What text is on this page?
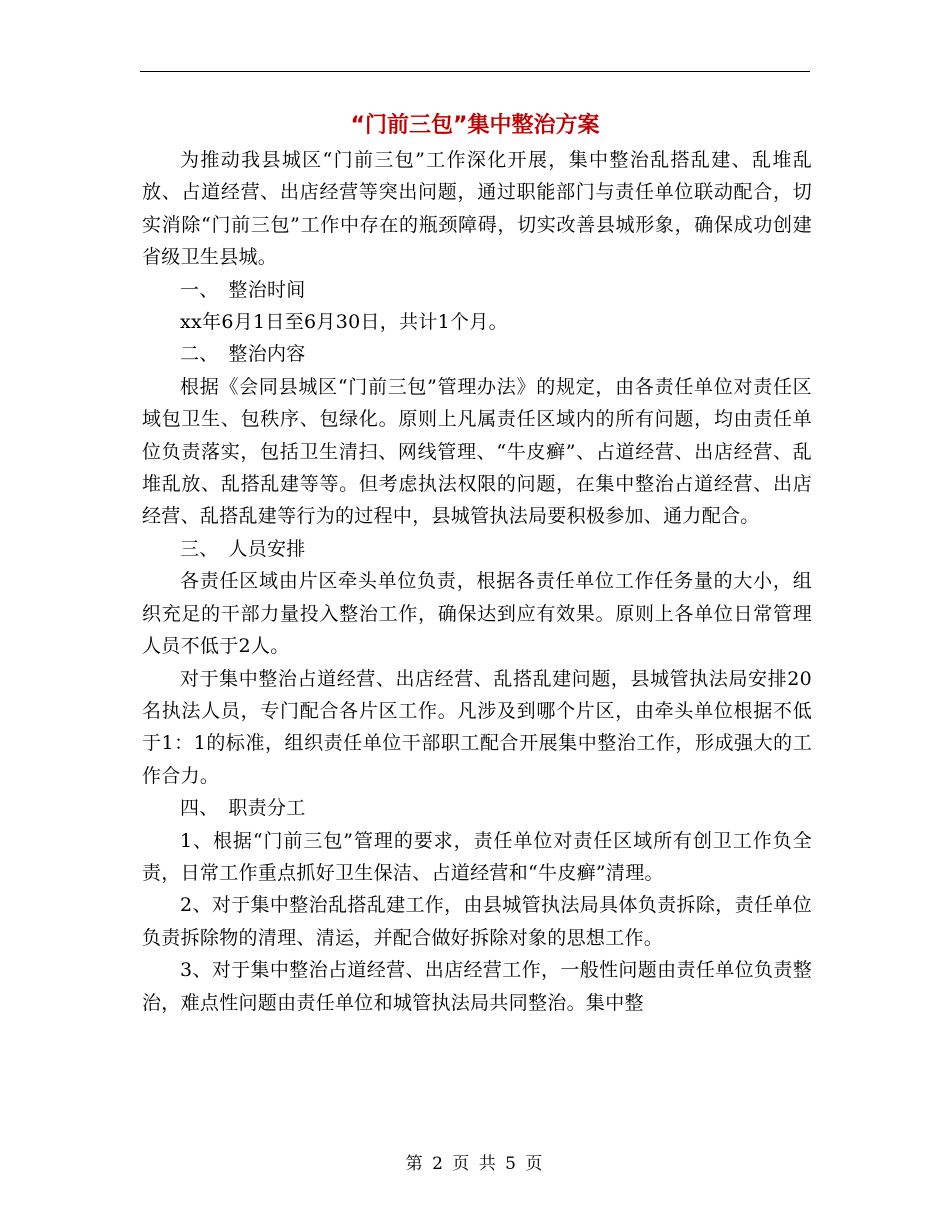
“门前三包”集中整治方案

为推动我县城区“门前三包”工作深化开展，集中整治乱搭乱建、乱堆乱放、占道经营、出店经营等突出问题，通过职能部门与责任单位联动配合，切实消除“门前三包”工作中存在的瓶颈障碍，切实改善县城形象，确保成功创建省级卫生县城。

一、　整治时间

xx年6月1日至6月30日，共计1个月。

二、　整治内容

根据《会同县城区“门前三包”管理办法》的规定，由各责任单位对责任区域包卫生、包秩序、包绿化。原则上凡属责任区域内的所有问题，均由责任单位负责落实，包括卫生清扫、网线管理、“牛皮癣”、占道经营、出店经营、乱堆乱放、乱搭乱建等等。但考虑执法权限的问题，在集中整治占道经营、出店经营、乱搭乱建等行为的过程中，县城管执法局要积极参加、通力配合。

三、　人员安排

各责任区域由片区牵头单位负责，根据各责任单位工作任务量的大小，组织充足的干部力量投入整治工作，确保达到应有效果。原则上各单位日常管理人员不低于2人。

对于集中整治占道经营、出店经营、乱搭乱建问题，县城管执法局安排20名执法人员，专门配合各片区工作。凡涉及到哪个片区，由牵头单位根据不低于1：1的标准，组织责任单位干部职工配合开展集中整治工作，形成强大的工作合力。

四、　职责分工

1、根据“门前三包”管理的要求，责任单位对责任区域所有创卫工作负全责，日常工作重点抓好卫生保洁、占道经营和“牛皮癣”清理。

2、对于集中整治乱搭乱建工作，由县城管执法局具体负责拆除，责任单位负责拆除物的清理、清运，并配合做好拆除对象的思想工作。

3、对于集中整治占道经营、出店经营工作，一般性问题由责任单位负责整治，难点性问题由责任单位和城管执法局共同整治。集中整

第 2 页 共 5 页
